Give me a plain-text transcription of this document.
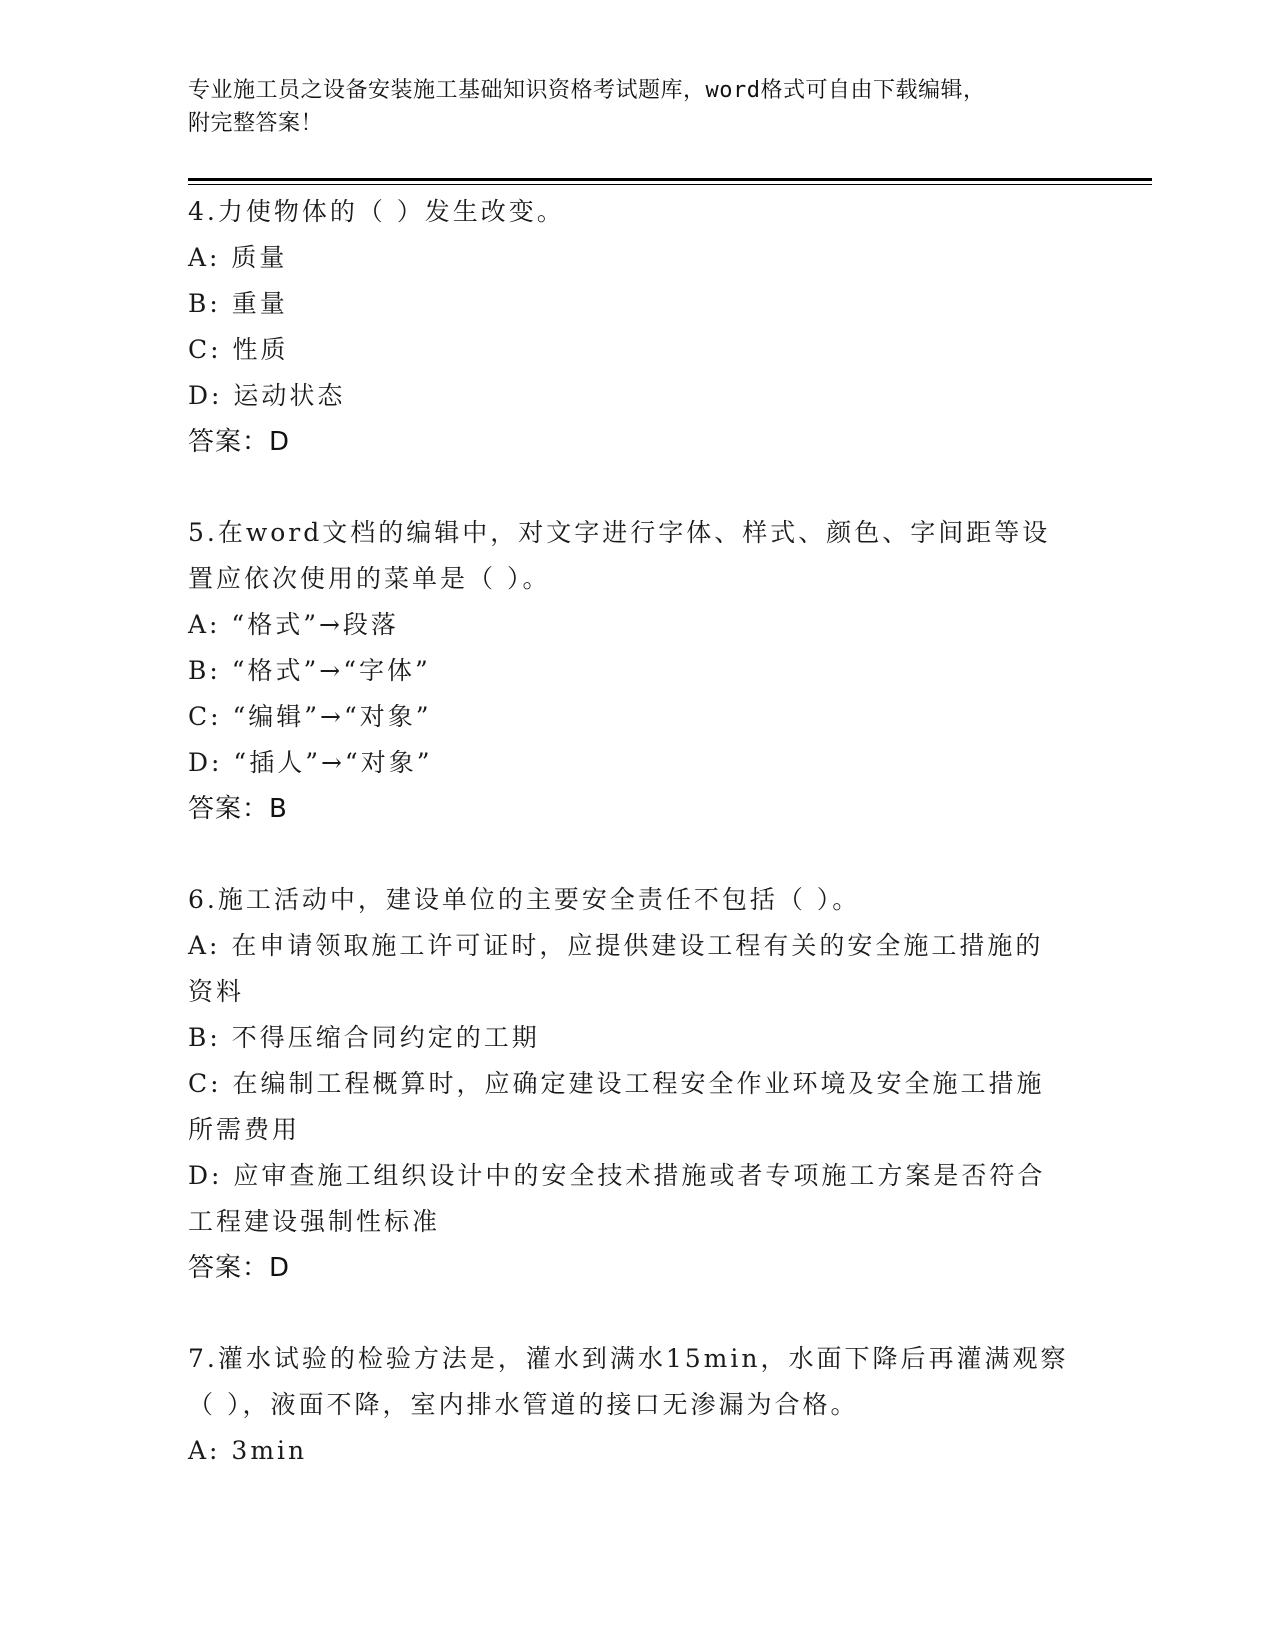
专业施工员之设备安装施工基础知识资格考试题库，word格式可自由下载编辑，
附完整答案！
4.力使物体的（ ）发生改变。
A: 质量
B: 重量
C: 性质
D: 运动状态
答案：D
5.在word文档的编辑中，对文字进行字体、样式、颜色、字间距等设
置应依次使用的菜单是（ ）。
A: “格式”→段落
B: “格式”→“字体”
C: “编辑”→“对象”
D: “插人”→“对象”
答案：B
6.施工活动中，建设单位的主要安全责任不包括（ ）。
A: 在申请领取施工许可证时，应提供建设工程有关的安全施工措施的
资料
B: 不得压缩合同约定的工期
C: 在编制工程概算时，应确定建设工程安全作业环境及安全施工措施
所需费用
D: 应审查施工组织设计中的安全技术措施或者专项施工方案是否符合
工程建设强制性标准
答案：D
7.灌水试验的检验方法是，灌水到满水15min，水面下降后再灌满观察
（ ），液面不降，室内排水管道的接口无渗漏为合格。
A: 3min
